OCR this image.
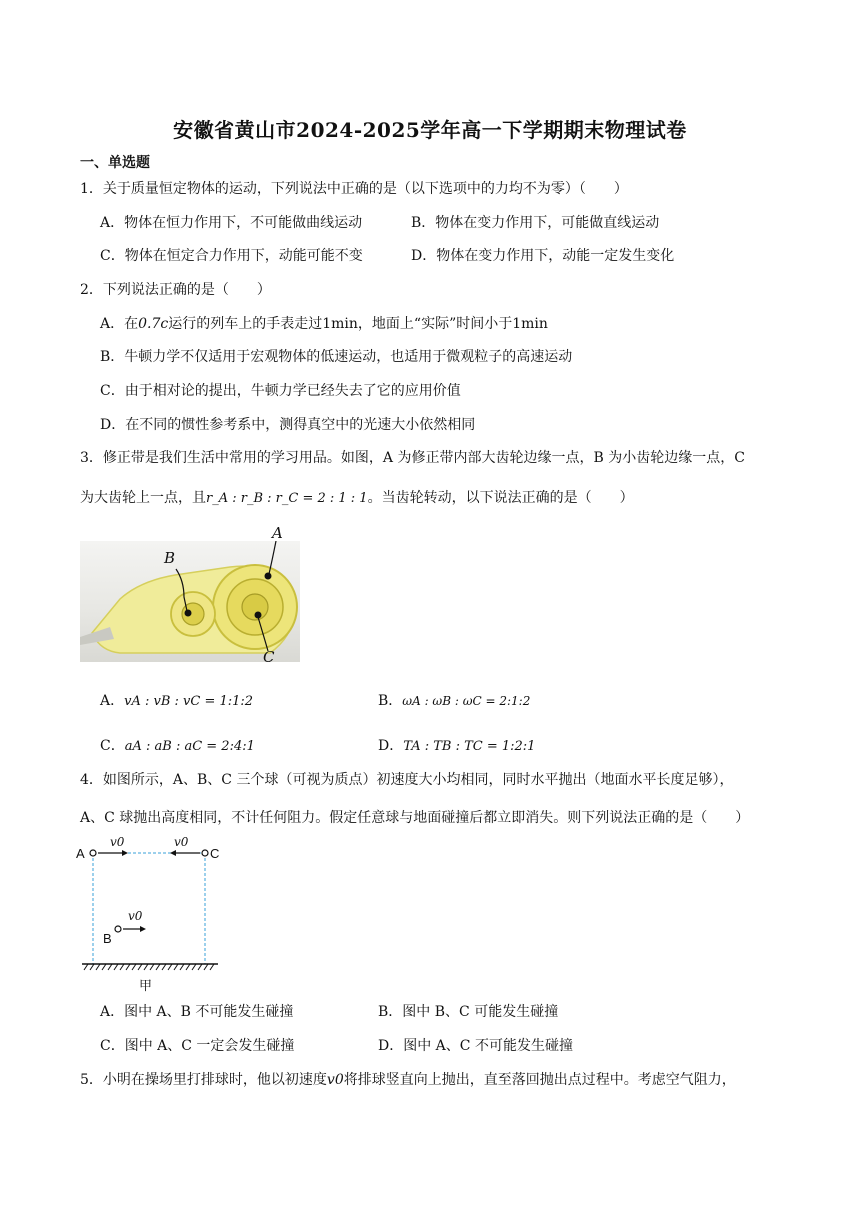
安徽省黄山市2024-2025学年高一下学期期末物理试卷
一、单选题
1．关于质量恒定物体的运动，下列说法中正确的是（以下选项中的力均不为零）（　　）
A．物体在恒力作用下，不可能做曲线运动	B．物体在变力作用下，可能做直线运动
C．物体在恒定合力作用下，动能可能不变	D．物体在变力作用下，动能一定发生变化
2．下列说法正确的是（　　）
A．在0.7c运行的列车上的手表走过1min，地面上“实际”时间小于1min
B．牛顿力学不仅适用于宏观物体的低速运动，也适用于微观粒子的高速运动
C．由于相对论的提出，牛顿力学已经失去了它的应用价值
D．在不同的惯性参考系中，测得真空中的光速大小依然相同
3．修正带是我们生活中常用的学习用品。如图，A 为修正带内部大齿轮边缘一点，B 为小齿轮边缘一点，C
为大齿轮上一点，且r_A : r_B : r_C = 2 : 1 : 1。当齿轮转动，以下说法正确的是（　　）
B
C
A
A．vA : vB : vC = 1:1:2	B．ωA : ωB : ωC = 2:1:2
C．aA : aB : aC = 2:4:1	D．TA : TB : TC = 1:2:1
4．如图所示，A、B、C 三个球（可视为质点）初速度大小均相同，同时水平抛出（地面水平长度足够），
A、C 球抛出高度相同，不计任何阻力。假定任意球与地面碰撞后都立即消失。则下列说法正确的是（　　）
A	C
B
v0	v0
v0
甲
A．图中 A、B 不可能发生碰撞	B．图中 B、C 可能发生碰撞
C．图中 A、C 一定会发生碰撞	D．图中 A、C 不可能发生碰撞
5．小明在操场里打排球时，他以初速度v0将排球竖直向上抛出，直至落回抛出点过程中。考虑空气阻力，
